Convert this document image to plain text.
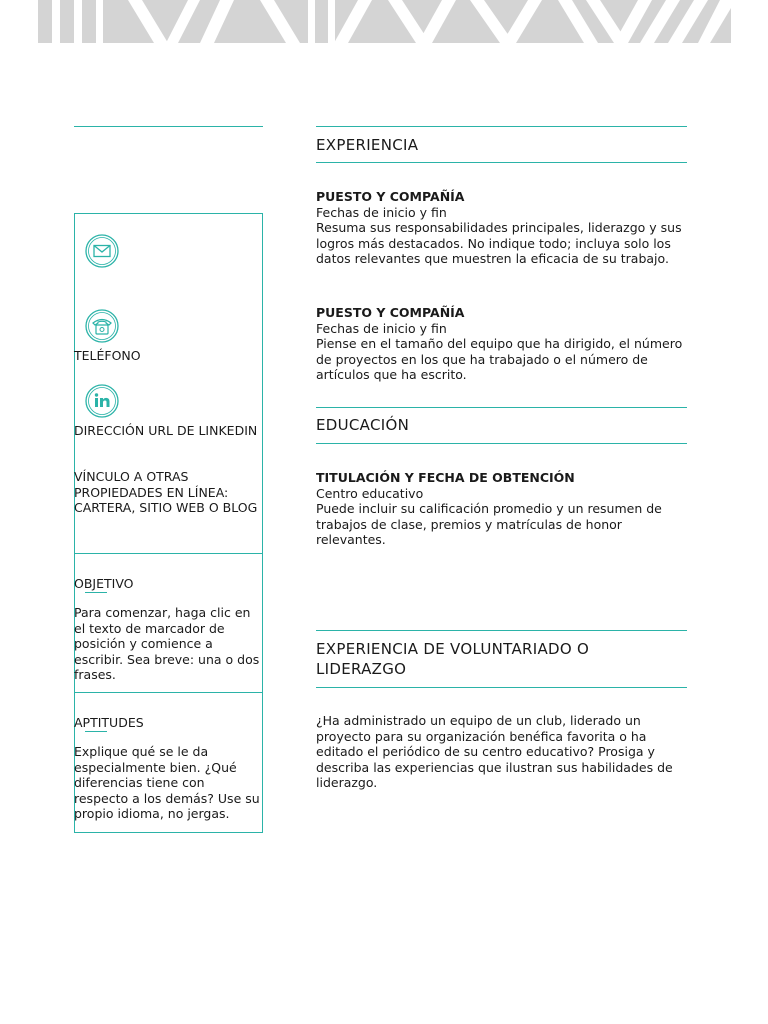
TELÉFONO
DIRECCIÓN URL DE LINKEDIN
VÍNCULO A OTRAS PROPIEDADES EN LÍNEA: CARTERA, SITIO WEB O BLOG
OBJETIVO
Para comenzar, haga clic en el texto de marcador de posición y comience a escribir. Sea breve: una o dos frases.
APTITUDES
Explique qué se le da especialmente bien. ¿Qué diferencias tiene con respecto a los demás? Use su propio idioma, no jergas.
EXPERIENCIA

PUESTO Y COMPAÑÍA

Fechas de inicio y fin

Resuma sus responsabilidades principales, liderazgo y sus logros más destacados. No indique todo; incluya solo los datos relevantes que muestren la eficacia de su trabajo.

PUESTO Y COMPAÑÍA

Fechas de inicio y fin

Piense en el tamaño del equipo que ha dirigido, el número de proyectos en los que ha trabajado o el número de artículos que ha escrito.

EDUCACIÓN

TITULACIÓN Y FECHA DE OBTENCIÓN

Centro educativo

Puede incluir su calificación promedio y un resumen de trabajos de clase, premios y matrículas de honor relevantes.

EXPERIENCIA DE VOLUNTARIADO O LIDERAZGO
¿Ha administrado un equipo de un club, liderado un proyecto para su organización benéfica favorita o ha editado el periódico de su centro educativo? Prosiga y describa las experiencias que ilustran sus habilidades de liderazgo.
